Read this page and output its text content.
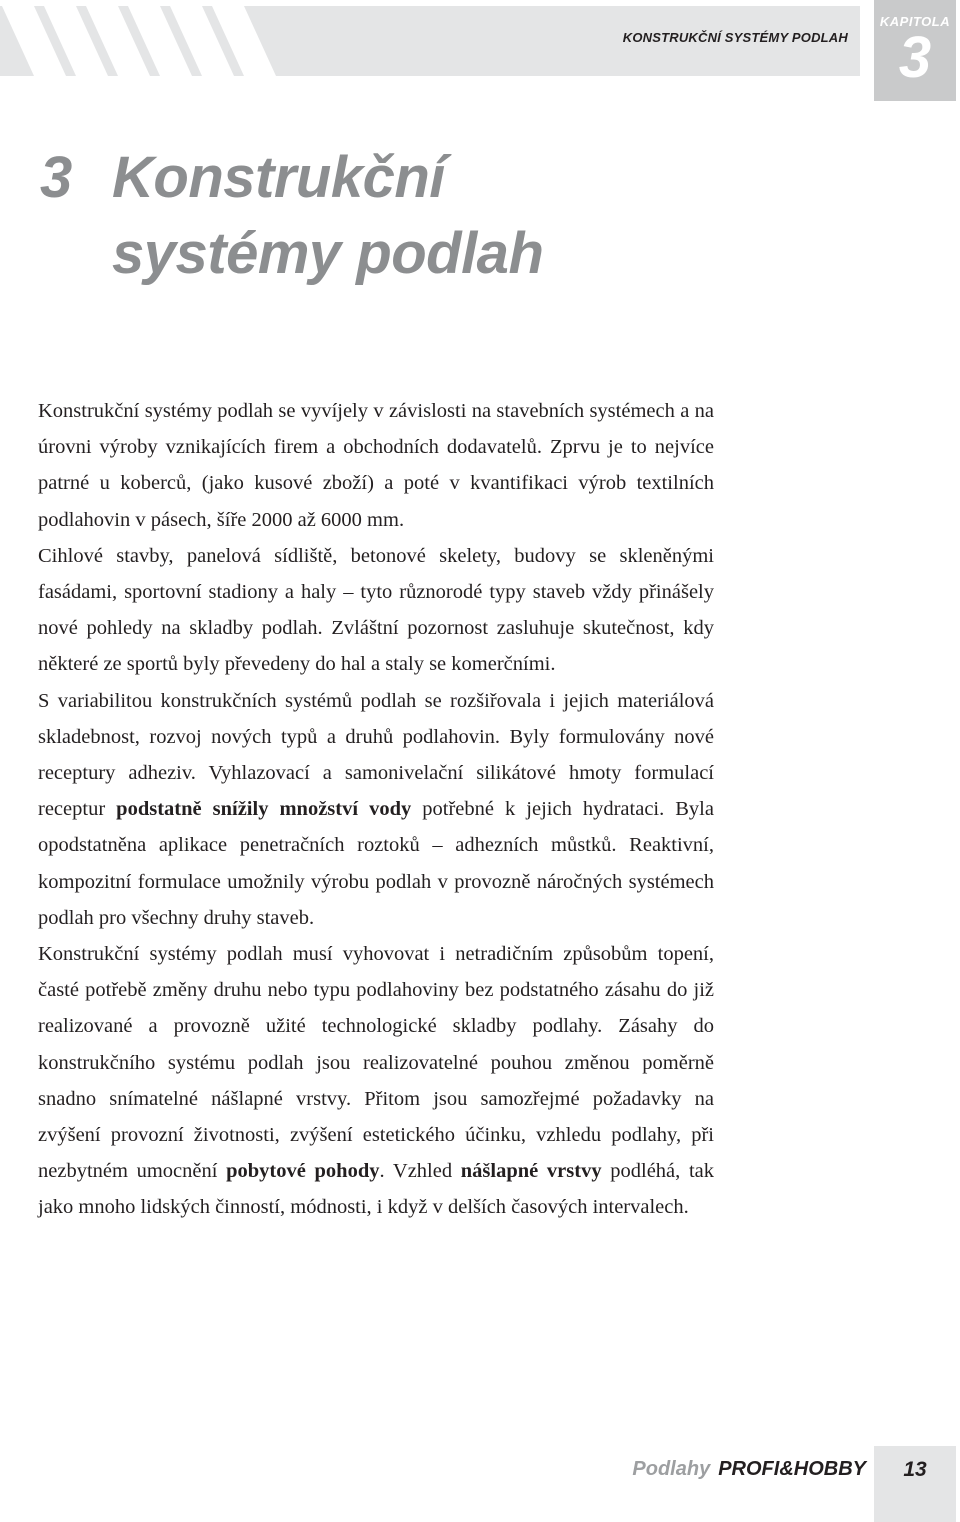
KONSTRUKČNÍ SYSTÉMY PODLAH
KAPITOLA
3
3 Konstrukční
systémy podlah

Konstrukční systémy podlah se vyvíjely v závislosti na stavebních systémech a na úrovni výroby vznikajících firem a obchodních dodavatelů. Zprvu je to nejvíce patrné u koberců, (jako kusové zboží) a poté v kvantifikaci výrob textilních podlahovin v pásech, šíře 2000 až 6000 mm.

Cihlové stavby, panelová sídliště, betonové skelety, budovy se skleněnými fasádami, sportovní stadiony a haly – tyto různorodé typy staveb vždy přinášely nové pohledy na skladby podlah. Zvláštní pozornost zasluhuje skutečnost, kdy některé ze sportů byly převedeny do hal a staly se komerčními.

S variabilitou konstrukčních systémů podlah se rozšiřovala i jejich materiálová skladebnost, rozvoj nových typů a druhů podlahovin. Byly formulovány nové receptury adheziv. Vyhlazovací a samonivelační silikátové hmoty formulací receptur podstatně snížily množství vody potřebné k jejich hydrataci. Byla opodstatněna aplikace penetračních roztoků – adhezních můstků. Reaktivní, kompozitní formulace umožnily výrobu podlah v provozně náročných systémech podlah pro všechny druhy staveb.

Konstrukční systémy podlah musí vyhovovat i netradičním způsobům topení, časté potřebě změny druhu nebo typu podlahoviny bez podstatného zásahu do již realizované a provozně užité technologické skladby podlahy. Zásahy do konstrukčního systému podlah jsou realizovatelné pouhou změnou poměrně snadno snímatelné nášlapné vrstvy. Přitom jsou samozřejmé požadavky na zvýšení provozní životnosti, zvýšení estetického účinku, vzhledu podlahy, při nezbytném umocnění pobytové pohody. Vzhled nášlapné vrstvy podléhá, tak jako mnoho lidských činností, módnosti, i když v delších časových intervalech.

Podlahy PROFI&HOBBY	13
